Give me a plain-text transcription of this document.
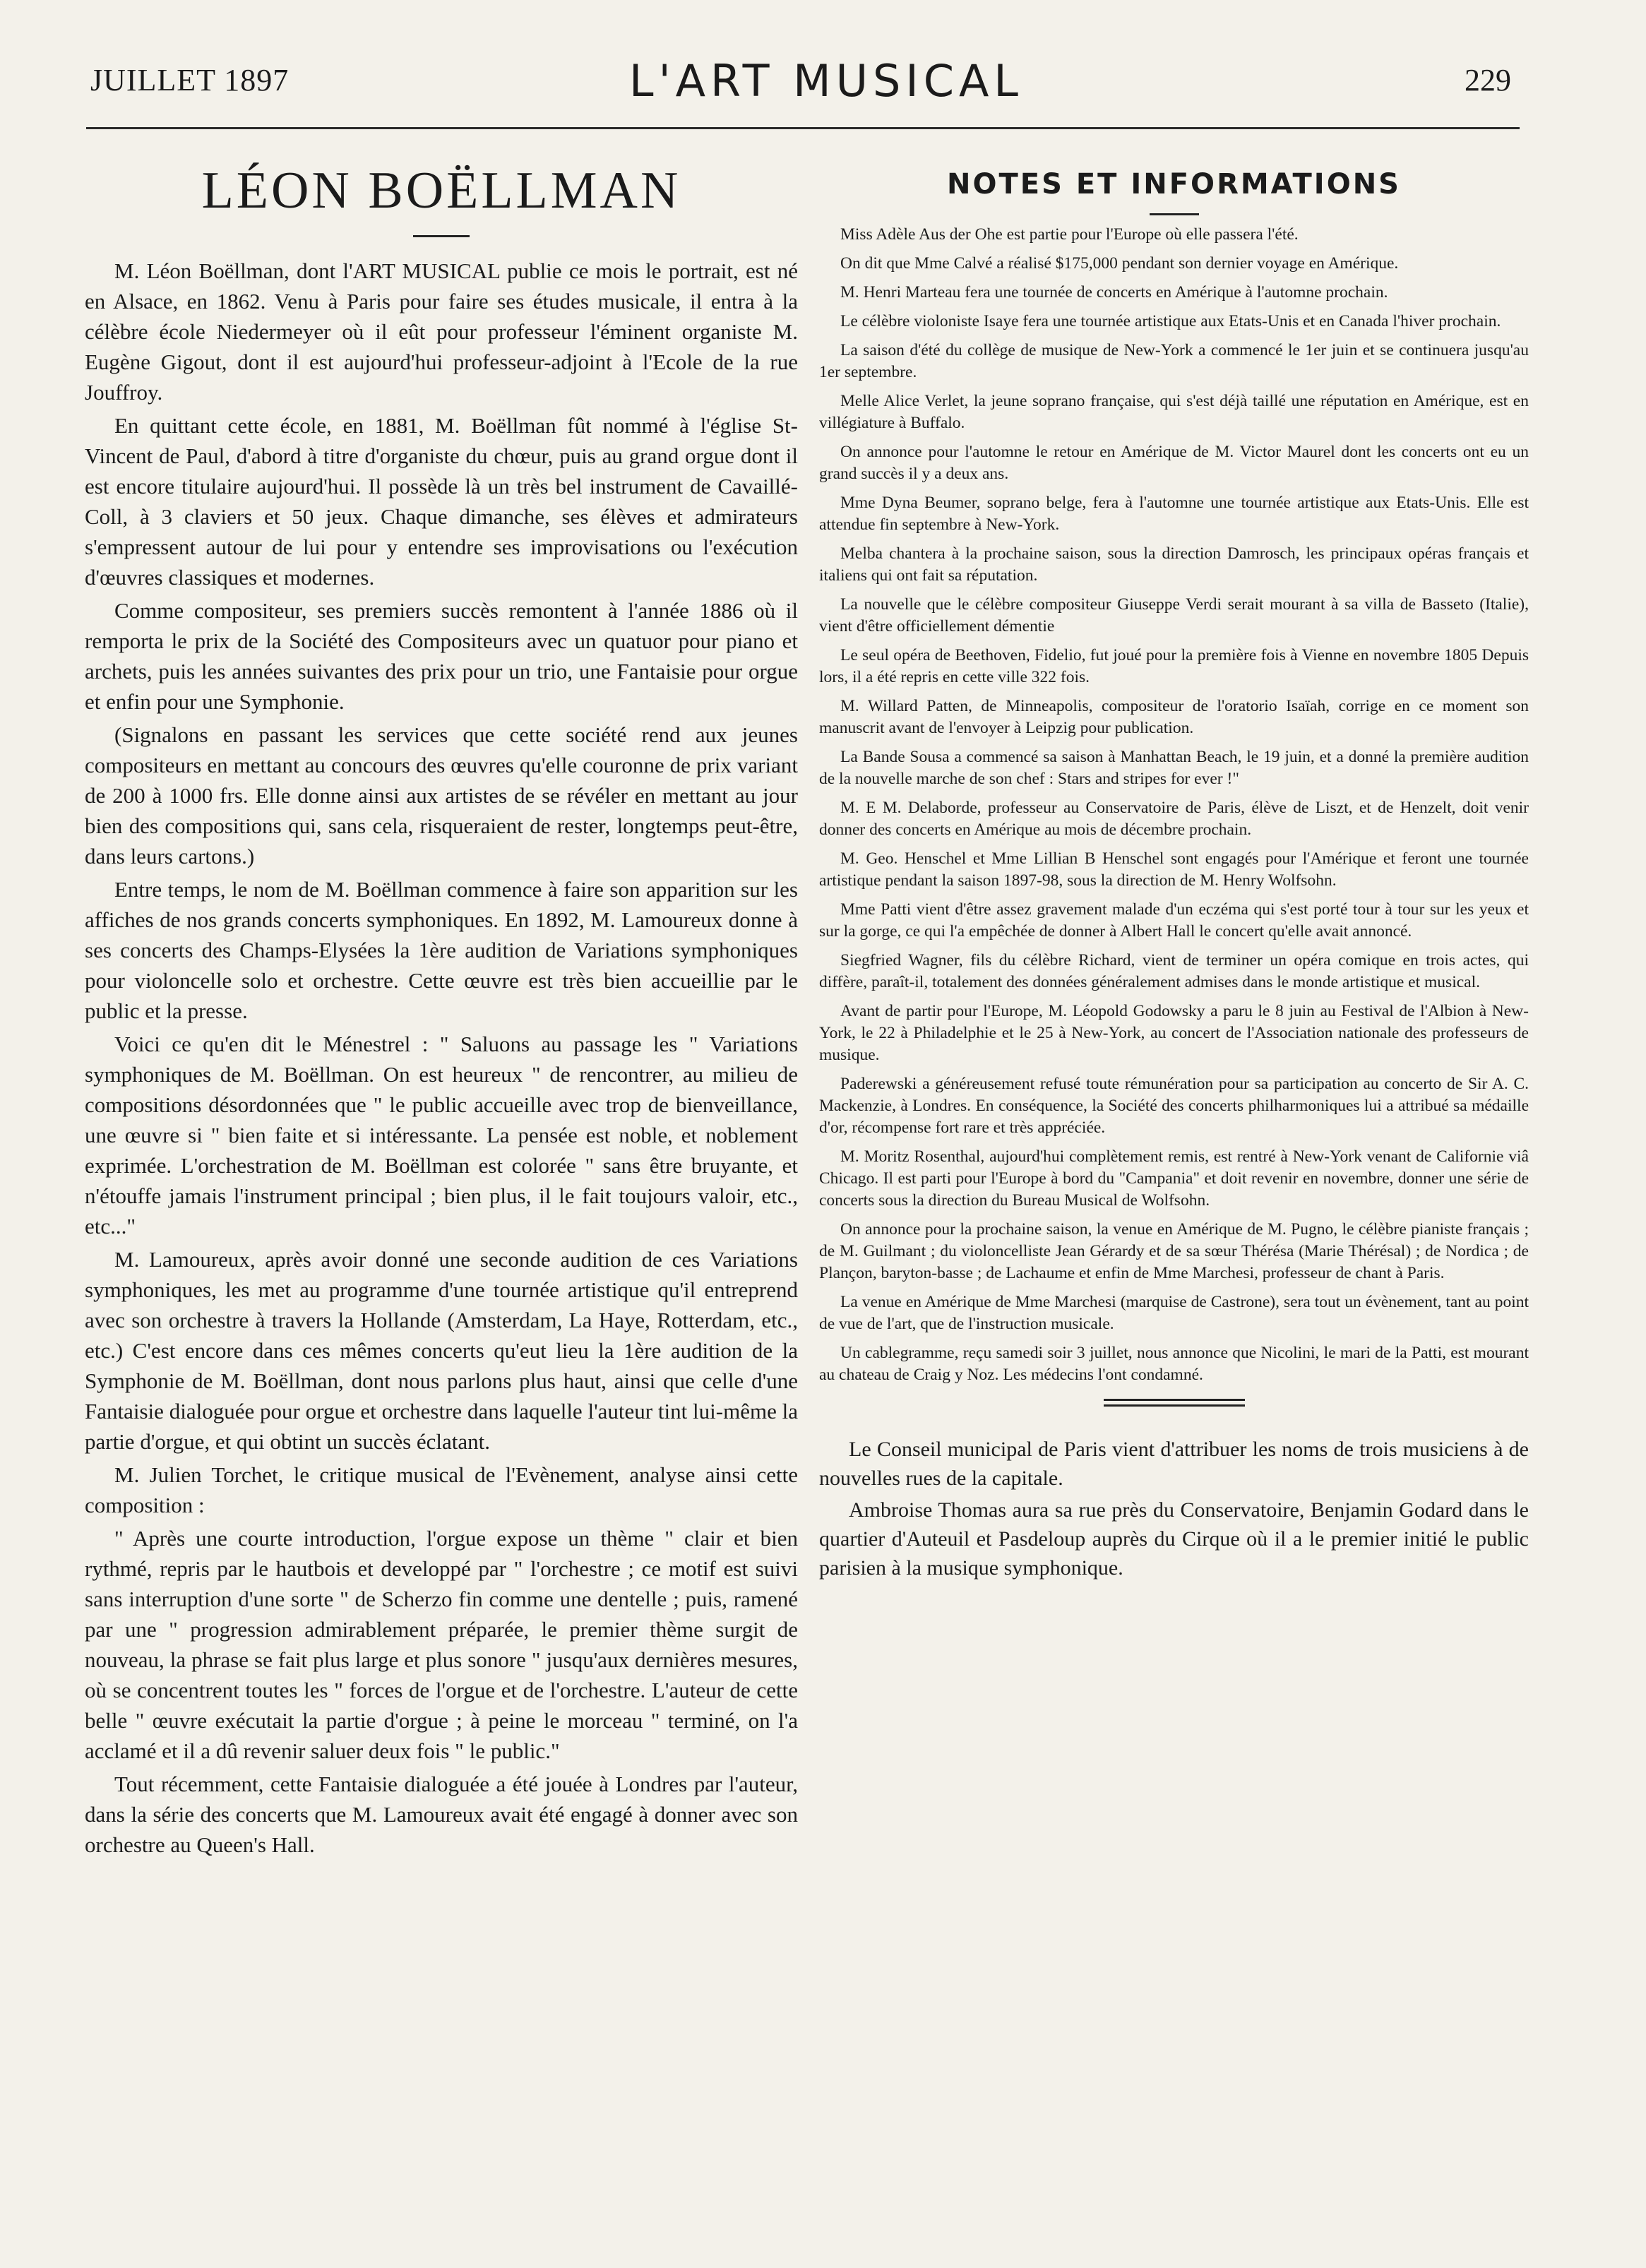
JUILLET 1897	L'ART MUSICAL	229
LÉON BOËLLMAN

M. Léon Boëllman, dont l'ART MUSICAL publie ce mois le portrait, est né en Alsace, en 1862. Venu à Paris pour faire ses études musicale, il entra à la célèbre école Niedermeyer où il eût pour professeur l'éminent organiste M. Eugène Gigout, dont il est aujourd'hui professeur-adjoint à l'Ecole de la rue Jouffroy.

En quittant cette école, en 1881, M. Boëllman fût nommé à l'église St-Vincent de Paul, d'abord à titre d'organiste du chœur, puis au grand orgue dont il est encore titulaire aujourd'hui. Il possède là un très bel instrument de Cavaillé-Coll, à 3 claviers et 50 jeux. Chaque dimanche, ses élèves et admirateurs s'empressent autour de lui pour y entendre ses improvisations ou l'exécution d'œuvres classiques et modernes.

Comme compositeur, ses premiers succès remontent à l'année 1886 où il remporta le prix de la Société des Compositeurs avec un quatuor pour piano et archets, puis les années suivantes des prix pour un trio, une Fantaisie pour orgue et enfin pour une Symphonie.

(Signalons en passant les services que cette société rend aux jeunes compositeurs en mettant au concours des œuvres qu'elle couronne de prix variant de 200 à 1000 frs. Elle donne ainsi aux artistes de se révéler en mettant au jour bien des compositions qui, sans cela, risqueraient de rester, longtemps peut-être, dans leurs cartons.)

Entre temps, le nom de M. Boëllman commence à faire son apparition sur les affiches de nos grands concerts symphoniques. En 1892, M. Lamoureux donne à ses concerts des Champs-Elysées la 1ère audition de Variations symphoniques pour violoncelle solo et orchestre. Cette œuvre est très bien accueillie par le public et la presse.

Voici ce qu'en dit le Ménestrel : " Saluons au passage les " Variations symphoniques de M. Boëllman. On est heureux " de rencontrer, au milieu de compositions désordonnées que " le public accueille avec trop de bienveillance, une œuvre si " bien faite et si intéressante. La pensée est noble, et noblement exprimée. L'orchestration de M. Boëllman est colorée " sans être bruyante, et n'étouffe jamais l'instrument principal ; bien plus, il le fait toujours valoir, etc., etc..."

M. Lamoureux, après avoir donné une seconde audition de ces Variations symphoniques, les met au programme d'une tournée artistique qu'il entreprend avec son orchestre à travers la Hollande (Amsterdam, La Haye, Rotterdam, etc., etc.) C'est encore dans ces mêmes concerts qu'eut lieu la 1ère audition de la Symphonie de M. Boëllman, dont nous parlons plus haut, ainsi que celle d'une Fantaisie dialoguée pour orgue et orchestre dans laquelle l'auteur tint lui-même la partie d'orgue, et qui obtint un succès éclatant.

M. Julien Torchet, le critique musical de l'Evènement, analyse ainsi cette composition :

" Après une courte introduction, l'orgue expose un thème " clair et bien rythmé, repris par le hautbois et developpé par " l'orchestre ; ce motif est suivi sans interruption d'une sorte " de Scherzo fin comme une dentelle ; puis, ramené par une " progression admirablement préparée, le premier thème surgit de nouveau, la phrase se fait plus large et plus sonore " jusqu'aux dernières mesures, où se concentrent toutes les " forces de l'orgue et de l'orchestre. L'auteur de cette belle " œuvre exécutait la partie d'orgue ; à peine le morceau " terminé, on l'a acclamé et il a dû revenir saluer deux fois " le public."

Tout récemment, cette Fantaisie dialoguée a été jouée à Londres par l'auteur, dans la série des concerts que M. Lamoureux avait été engagé à donner avec son orchestre au Queen's Hall.

NOTES ET INFORMATIONS

Miss Adèle Aus der Ohe est partie pour l'Europe où elle passera l'été.

On dit que Mme Calvé a réalisé $175,000 pendant son dernier voyage en Amérique.

M. Henri Marteau fera une tournée de concerts en Amérique à l'automne prochain.

Le célèbre violoniste Isaye fera une tournée artistique aux Etats-Unis et en Canada l'hiver prochain.

La saison d'été du collège de musique de New-York a commencé le 1er juin et se continuera jusqu'au 1er septembre.

Melle Alice Verlet, la jeune soprano française, qui s'est déjà taillé une réputation en Amérique, est en villégiature à Buffalo.

On annonce pour l'automne le retour en Amérique de M. Victor Maurel dont les concerts ont eu un grand succès il y a deux ans.

Mme Dyna Beumer, soprano belge, fera à l'automne une tournée artistique aux Etats-Unis. Elle est attendue fin septembre à New-York.

Melba chantera à la prochaine saison, sous la direction Damrosch, les principaux opéras français et italiens qui ont fait sa réputation.

La nouvelle que le célèbre compositeur Giuseppe Verdi serait mourant à sa villa de Basseto (Italie), vient d'être officiellement démentie

Le seul opéra de Beethoven, Fidelio, fut joué pour la première fois à Vienne en novembre 1805 Depuis lors, il a été repris en cette ville 322 fois.

M. Willard Patten, de Minneapolis, compositeur de l'oratorio Isaïah, corrige en ce moment son manuscrit avant de l'envoyer à Leipzig pour publication.

La Bande Sousa a commencé sa saison à Manhattan Beach, le 19 juin, et a donné la première audition de la nouvelle marche de son chef : Stars and stripes for ever !"

M. E M. Delaborde, professeur au Conservatoire de Paris, élève de Liszt, et de Henzelt, doit venir donner des concerts en Amérique au mois de décembre prochain.

M. Geo. Henschel et Mme Lillian B Henschel sont engagés pour l'Amérique et feront une tournée artistique pendant la saison 1897-98, sous la direction de M. Henry Wolfsohn.

Mme Patti vient d'être assez gravement malade d'un eczéma qui s'est porté tour à tour sur les yeux et sur la gorge, ce qui l'a empêchée de donner à Albert Hall le concert qu'elle avait annoncé.

Siegfried Wagner, fils du célèbre Richard, vient de terminer un opéra comique en trois actes, qui diffère, paraît-il, totalement des données généralement admises dans le monde artistique et musical.

Avant de partir pour l'Europe, M. Léopold Godowsky a paru le 8 juin au Festival de l'Albion à New-York, le 22 à Philadelphie et le 25 à New-York, au concert de l'Association nationale des professeurs de musique.

Paderewski a généreusement refusé toute rémunération pour sa participation au concerto de Sir A. C. Mackenzie, à Londres. En conséquence, la Société des concerts philharmoniques lui a attribué sa médaille d'or, récompense fort rare et très appréciée.

M. Moritz Rosenthal, aujourd'hui complètement remis, est rentré à New-York venant de Californie viâ Chicago. Il est parti pour l'Europe à bord du "Campania" et doit revenir en novembre, donner une série de concerts sous la direction du Bureau Musical de Wolfsohn.

On annonce pour la prochaine saison, la venue en Amérique de M. Pugno, le célèbre pianiste français ; de M. Guilmant ; du violoncelliste Jean Gérardy et de sa sœur Thérésa (Marie Thérésal) ; de Nordica ; de Plançon, baryton-basse ; de Lachaume et enfin de Mme Marchesi, professeur de chant à Paris.

La venue en Amérique de Mme Marchesi (marquise de Castrone), sera tout un évènement, tant au point de vue de l'art, que de l'instruction musicale.

Un cablegramme, reçu samedi soir 3 juillet, nous annonce que Nicolini, le mari de la Patti, est mourant au chateau de Craig y Noz. Les médecins l'ont condamné.

Le Conseil municipal de Paris vient d'attribuer les noms de trois musiciens à de nouvelles rues de la capitale.

Ambroise Thomas aura sa rue près du Conservatoire, Benjamin Godard dans le quartier d'Auteuil et Pasdeloup auprès du Cirque où il a le premier initié le public parisien à la musique symphonique.
